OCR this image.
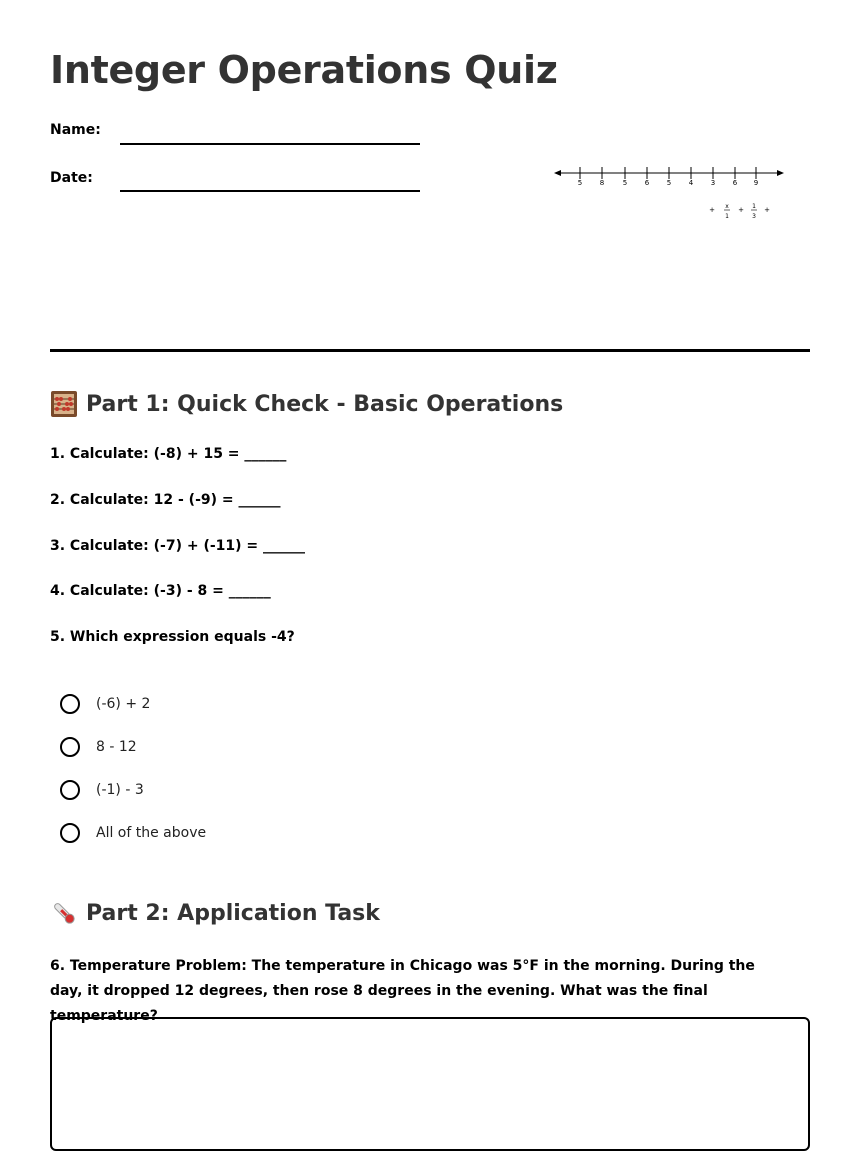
Integer Operations Quiz
Name:
Date:	5	8	5	6	5	4	3	6 9
+ x
1
+ 1
3
+
Part 1: Quick Check - Basic Operations
1. Calculate: (-8) + 15 = ______
2. Calculate: 12 - (-9) = ______
3. Calculate: (-7) + (-11) = ______
4. Calculate: (-3) - 8 = ______
5. Which expression equals -4?
(-6) + 2
8 - 12
(-1) - 3
All of the above
Part 2: Application Task
6. Temperature Problem: The temperature in Chicago was 5°F in the morning. During the day, it dropped 12 degrees, then rose 8 degrees in the evening. What was the final temperature?
